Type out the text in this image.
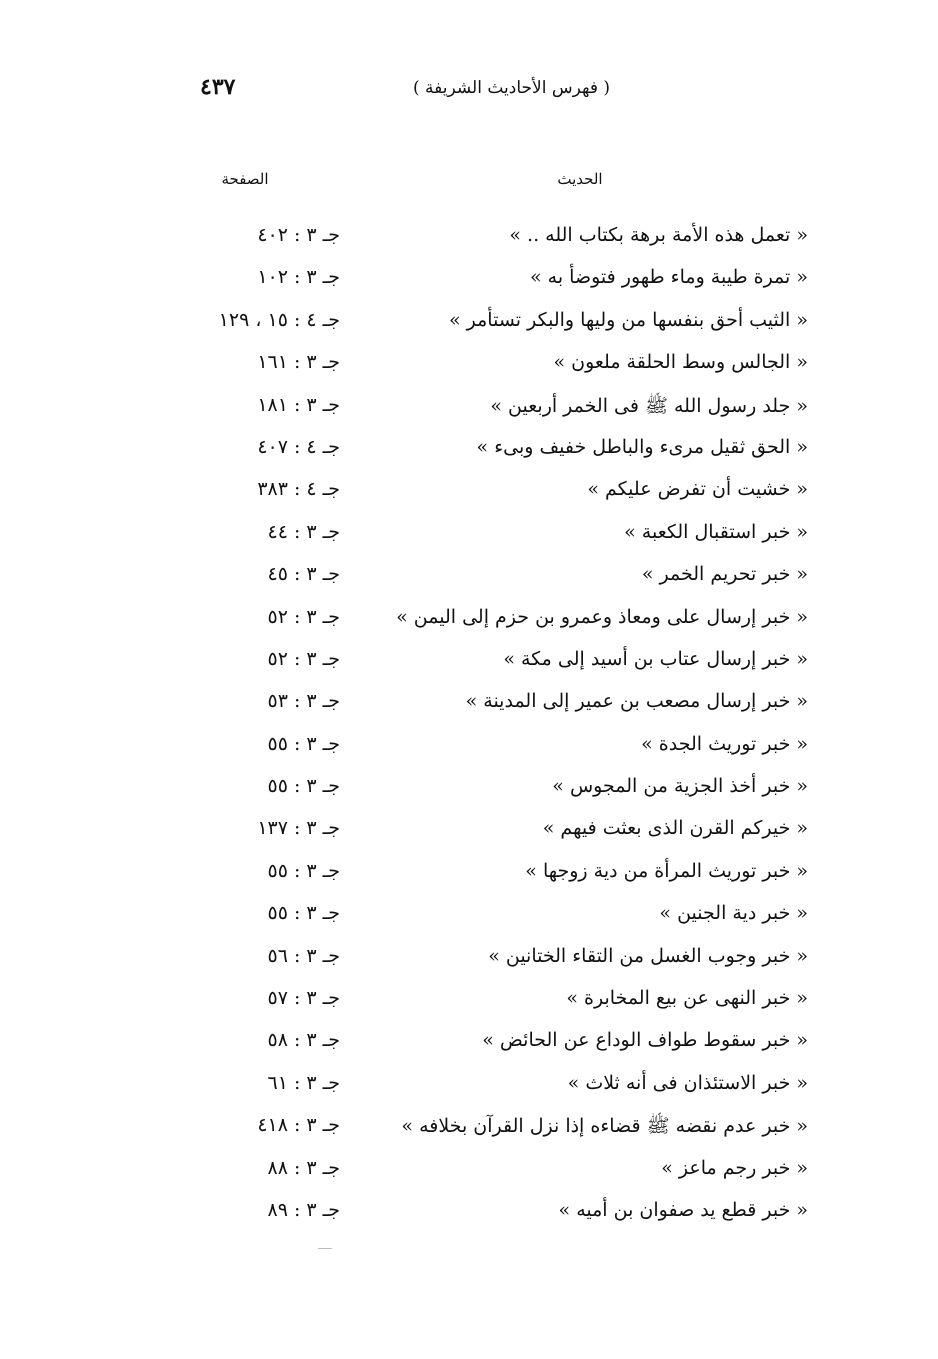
( فهرس الأحاديث الشريفة )
٤٣٧
الحديث
الصفحة
« تعمل هذه الأمة برهة بكتاب الله .. »
جـ ٣ : ٤٠٢
« تمرة طيبة وماء طهور فتوضأ به »
جـ ٣ : ١٠٢
« الثيب أحق بنفسها من وليها والبكر تستأمر »
جـ ٤ : ١٥ ، ١٢٩
« الجالس وسط الحلقة ملعون »
جـ ٣ : ١٦١
« جلد رسول الله ﷺ فى الخمر أربعين »
جـ ٣ : ١٨١
« الحق ثقيل مرىء والباطل خفيف وبىء »
جـ ٤ : ٤٠٧
« خشيت أن تفرض عليكم »
جـ ٤ : ٣٨٣
« خبر استقبال الكعبة »
جـ ٣ : ٤٤
« خبر تحريم الخمر »
جـ ٣ : ٤٥
« خبر إرسال على ومعاذ وعمرو بن حزم إلى اليمن »
جـ ٣ : ٥٢
« خبر إرسال عتاب بن أسيد إلى مكة »
جـ ٣ : ٥٢
« خبر إرسال مصعب بن عمير إلى المدينة »
جـ ٣ : ٥٣
« خبر توريث الجدة »
جـ ٣ : ٥٥
« خبر أخذ الجزية من المجوس »
جـ ٣ : ٥٥
« خيركم القرن الذى بعثت فيهم »
جـ ٣ : ١٣٧
« خبر توريث المرأة من دية زوجها »
جـ ٣ : ٥٥
« خبر دية الجنين »
جـ ٣ : ٥٥
« خبر وجوب الغسل من التقاء الختانين »
جـ ٣ : ٥٦
« خبر النهى عن بيع المخابرة »
جـ ٣ : ٥٧
« خبر سقوط طواف الوداع عن الحائض »
جـ ٣ : ٥٨
« خبر الاستئذان فى أنه ثلاث »
جـ ٣ : ٦١
« خبر عدم نقضه ﷺ قضاءه إذا نزل القرآن بخلافه »
جـ ٣ : ٤١٨
« خبر رجم ماعز »
جـ ٣ : ٨٨
« خبر قطع يد صفوان بن أميه »
جـ ٣ : ٨٩
